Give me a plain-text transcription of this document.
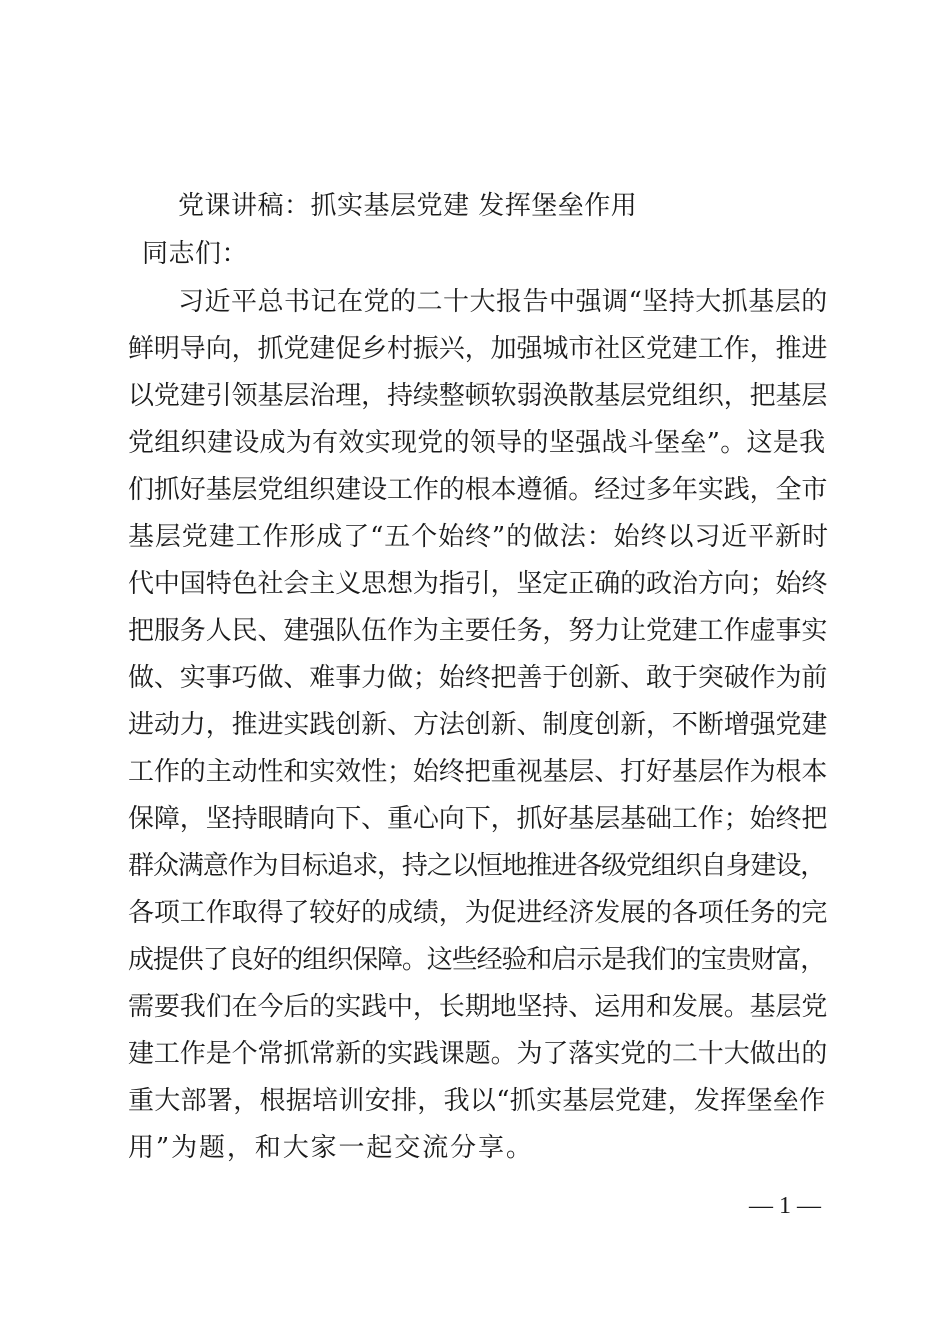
党课讲稿：抓实基层党建 发挥堡垒作用
同志们：
习近平总书记在党的二十大报告中强调“坚持大抓基层的
鲜明导向，抓党建促乡村振兴，加强城市社区党建工作，推进
以党建引领基层治理，持续整顿软弱涣散基层党组织，把基层
党组织建设成为有效实现党的领导的坚强战斗堡垒”。这是我
们抓好基层党组织建设工作的根本遵循。经过多年实践，全市
基层党建工作形成了“五个始终”的做法：始终以习近平新时
代中国特色社会主义思想为指引，坚定正确的政治方向；始终
把服务人民、建强队伍作为主要任务，努力让党建工作虚事实
做、实事巧做、难事力做；始终把善于创新、敢于突破作为前
进动力，推进实践创新、方法创新、制度创新，不断增强党建
工作的主动性和实效性；始终把重视基层、打好基层作为根本
保障，坚持眼睛向下、重心向下，抓好基层基础工作；始终把
群众满意作为目标追求，持之以恒地推进各级党组织自身建设，
各项工作取得了较好的成绩，为促进经济发展的各项任务的完
成提供了良好的组织保障。这些经验和启示是我们的宝贵财富，
需要我们在今后的实践中，长期地坚持、运用和发展。基层党
建工作是个常抓常新的实践课题。为了落实党的二十大做出的
重大部署，根据培训安排，我以“抓实基层党建，发挥堡垒作
用”为题，和大家一起交流分享。
— 1 —
